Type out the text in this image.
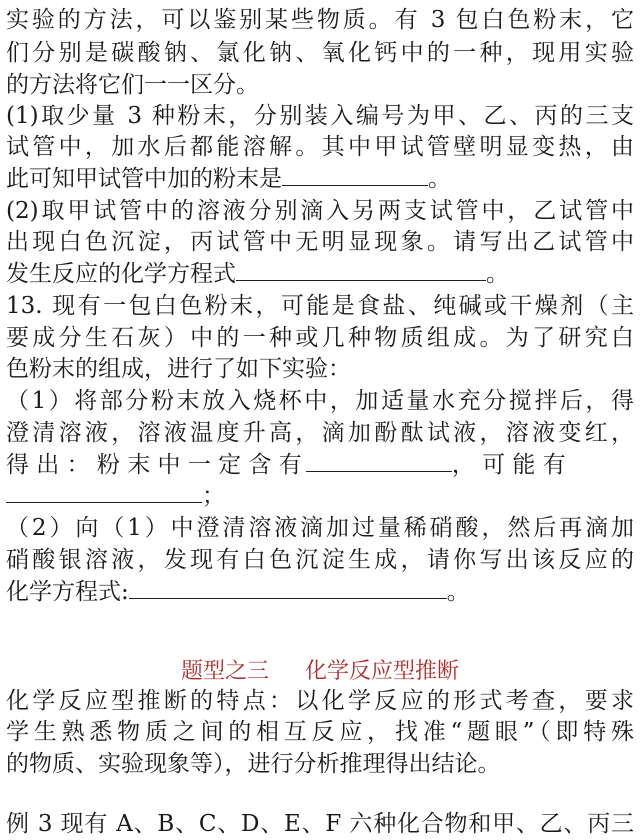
实验的方法，可以鉴别某些物质。有 3 包白色粉末，它
们分别是碳酸钠、氯化钠、氧化钙中的一种，现用实验
的方法将它们一一区分。
(1)取少量 3 种粉末，分别装入编号为甲、乙、丙的三支
试管中，加水后都能溶解。其中甲试管壁明显变热，由
此可知甲试管中加的粉末是	。
(2)取甲试管中的溶液分别滴入另两支试管中，乙试管中
出现白色沉淀，丙试管中无明显现象。请写出乙试管中
发生反应的化学方程式	。
13. 现有一包白色粉末，可能是食盐、纯碱或干燥剂（主
要成分生石灰）中的一种或几种物质组成。为了研究白
色粉末的组成，进行了如下实验：
（1）将部分粉末放入烧杯中，加适量水充分搅拌后，得
澄清溶液，溶液温度升高，滴加酚酞试液，溶液变红，
得 出 ： 粉 末 中 一 定 含 有	， 可 能 有
；
（2）向（1）中澄清溶液滴加过量稀硝酸，然后再滴加
硝酸银溶液，发现有白色沉淀生成，请你写出该反应的
化学方程式:	。
题型之三 化学反应型推断
化学反应型推断的特点：以化学反应的形式考查，要求
学生熟悉物质之间的相互反应，找准“题眼”（即特殊
的物质、实验现象等），进行分析推理得出结论。
例 3 现有 A、B、C、D、E、F 六种化合物和甲、乙、丙三
